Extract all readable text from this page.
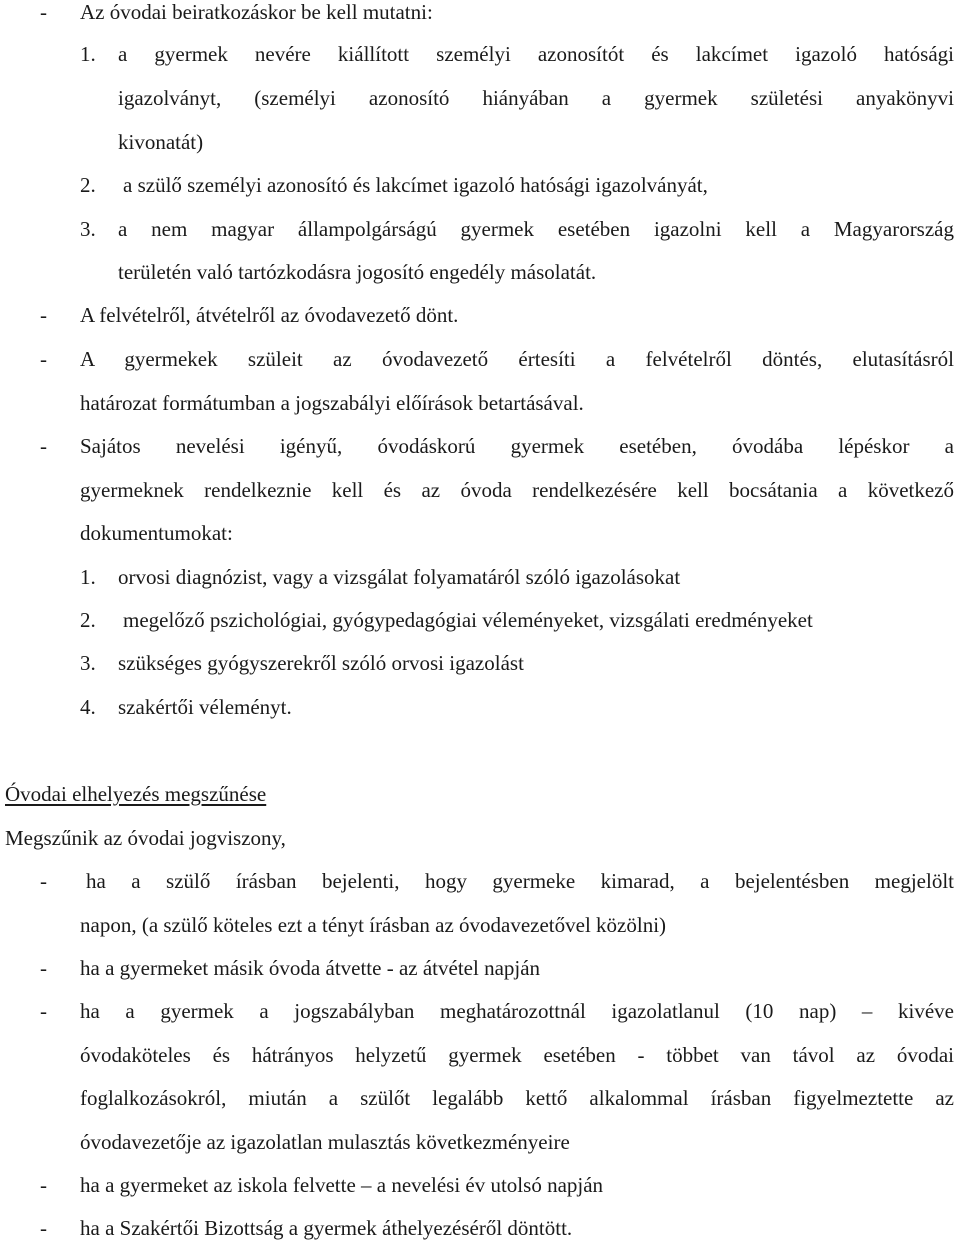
- Az óvodai beiratkozáskor be kell mutatni:
1. a gyermek nevére kiállított személyi azonosítót és lakcímet igazoló hatósági
igazolványt, (személyi azonosító hiányában a gyermek születési anyakönyvi
kivonatát)
2. a szülő személyi azonosító és lakcímet igazoló hatósági igazolványát,
3. a nem magyar állampolgárságú gyermek esetében igazolni kell a Magyarország
területén való tartózkodásra jogosító engedély másolatát.
- A felvételről, átvételről az óvodavezető dönt.
- A gyermekek szüleit az óvodavezető értesíti a felvételről döntés, elutasításról
határozat formátumban a jogszabályi előírások betartásával.
- Sajátos nevelési igényű, óvodáskorú gyermek esetében, óvodába lépéskor a
gyermeknek rendelkeznie kell és az óvoda rendelkezésére kell bocsátania a következő
dokumentumokat:
1. orvosi diagnózist, vagy a vizsgálat folyamatáról szóló igazolásokat
2. megelőző pszichológiai, gyógypedagógiai véleményeket, vizsgálati eredményeket
3. szükséges gyógyszerekről szóló orvosi igazolást
4. szakértői véleményt.
Óvodai elhelyezés megszűnése
Megszűnik az óvodai jogviszony,
- ha a szülő írásban bejelenti, hogy gyermeke kimarad, a bejelentésben megjelölt
napon, (a szülő köteles ezt a tényt írásban az óvodavezetővel közölni)
- ha a gyermeket másik óvoda átvette - az átvétel napján
- ha a gyermek a jogszabályban meghatározottnál igazolatlanul (10 nap) – kivéve
óvodaköteles és hátrányos helyzetű gyermek esetében - többet van távol az óvodai
foglalkozásokról, miután a szülőt legalább kettő alkalommal írásban figyelmeztette az
óvodavezetője az igazolatlan mulasztás következményeire
- ha a gyermeket az iskola felvette – a nevelési év utolsó napján
- ha a Szakértői Bizottság a gyermek áthelyezéséről döntött.
